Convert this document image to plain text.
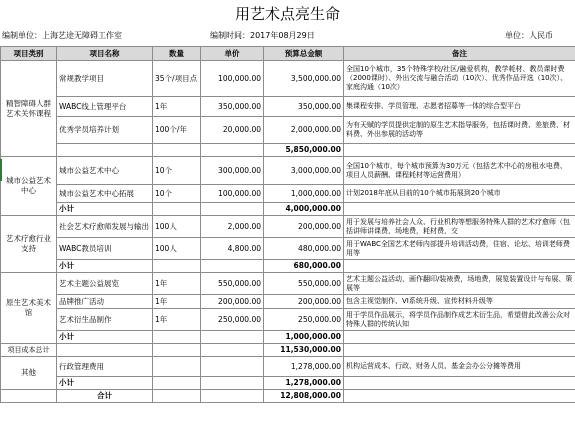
用艺术点亮生命
编制单位：上海艺途无障碍工作室	编制时间：2017年08月29日	单位：人民币
项目类别	项目名称	数量	单价	预算总金额	备注
精智障碍人群艺术关怀课程	常规教学项目	35个/项目点	100,000.00	3,500,000.00	全国10个城市，35个特殊学校/社区/融爱机构，教学耗材、教员课时费（2000课时）、外出交流与融合活动（10次）、优秀作品评选（10次）、家庭沟通（10次）
	WABC线上管理平台	1年	350,000.00	350,000.00	集课程安排、学员管理、志愿者招募等一体的综合型平台
	优秀学员培养计划	100个/年	20,000.00	2,000,000.00	为有天赋的学员提供定制的原生艺术指导服务，包括课时费、差旅费、材料费、外出参展的活动等
				5,850,000.00	
城市公益艺术中心	城市公益艺术中心	10个	300,000.00	3,000,000.00	全国10个城市，每个城市预算为30万元（包括艺术中心的房租水电费、项目人员薪酬、课程耗材等运营费用）
	城市公益艺术中心拓展	10个	100,000.00	1,000,000.00	计划2018年底从目前的10个城市拓展到20个城市
	小计			4,000,000.00	
艺术疗愈行业支持	社会艺术疗愈师发展与输出	100人	2,000.00	200,000.00	用于发展与培养社会人众、行业机构等想服务特殊人群的艺术疗愈师（包括讲师讲课费，场地费，耗材费，交
	WABC教员培训	100人	4,800.00	480,000.00	用于WABC全国艺术老师内部提升培训活动费，住宿、论坛、培训老师费用等
	小计			680,000.00	
原生艺术美术馆	艺术主题公益展览	1年	550,000.00	550,000.00	艺术主题公益活动，画作翻印/装裱费，场地费，展览装置设计与布展、策展等
	品牌推广活动	1年	200,000.00	200,000.00	包含主视觉制作、VI系统升级、宣传材料升级等
	艺术衍生品制作	1年	250,000.00	250,000.00	用于学员作品展示，将学员作品制作成艺术衍生品，希望借此改善公众对特殊人群的传统认知
	小计			1,000,000.00	
项目成本总计				11,530,000.00	
其他	行政管理费用			1,278,000.00	机构运营成本、行政、财务人员、基金会办公分摊等费用
	小计			1,278,000.00	
	合计			12,808,000.00	
